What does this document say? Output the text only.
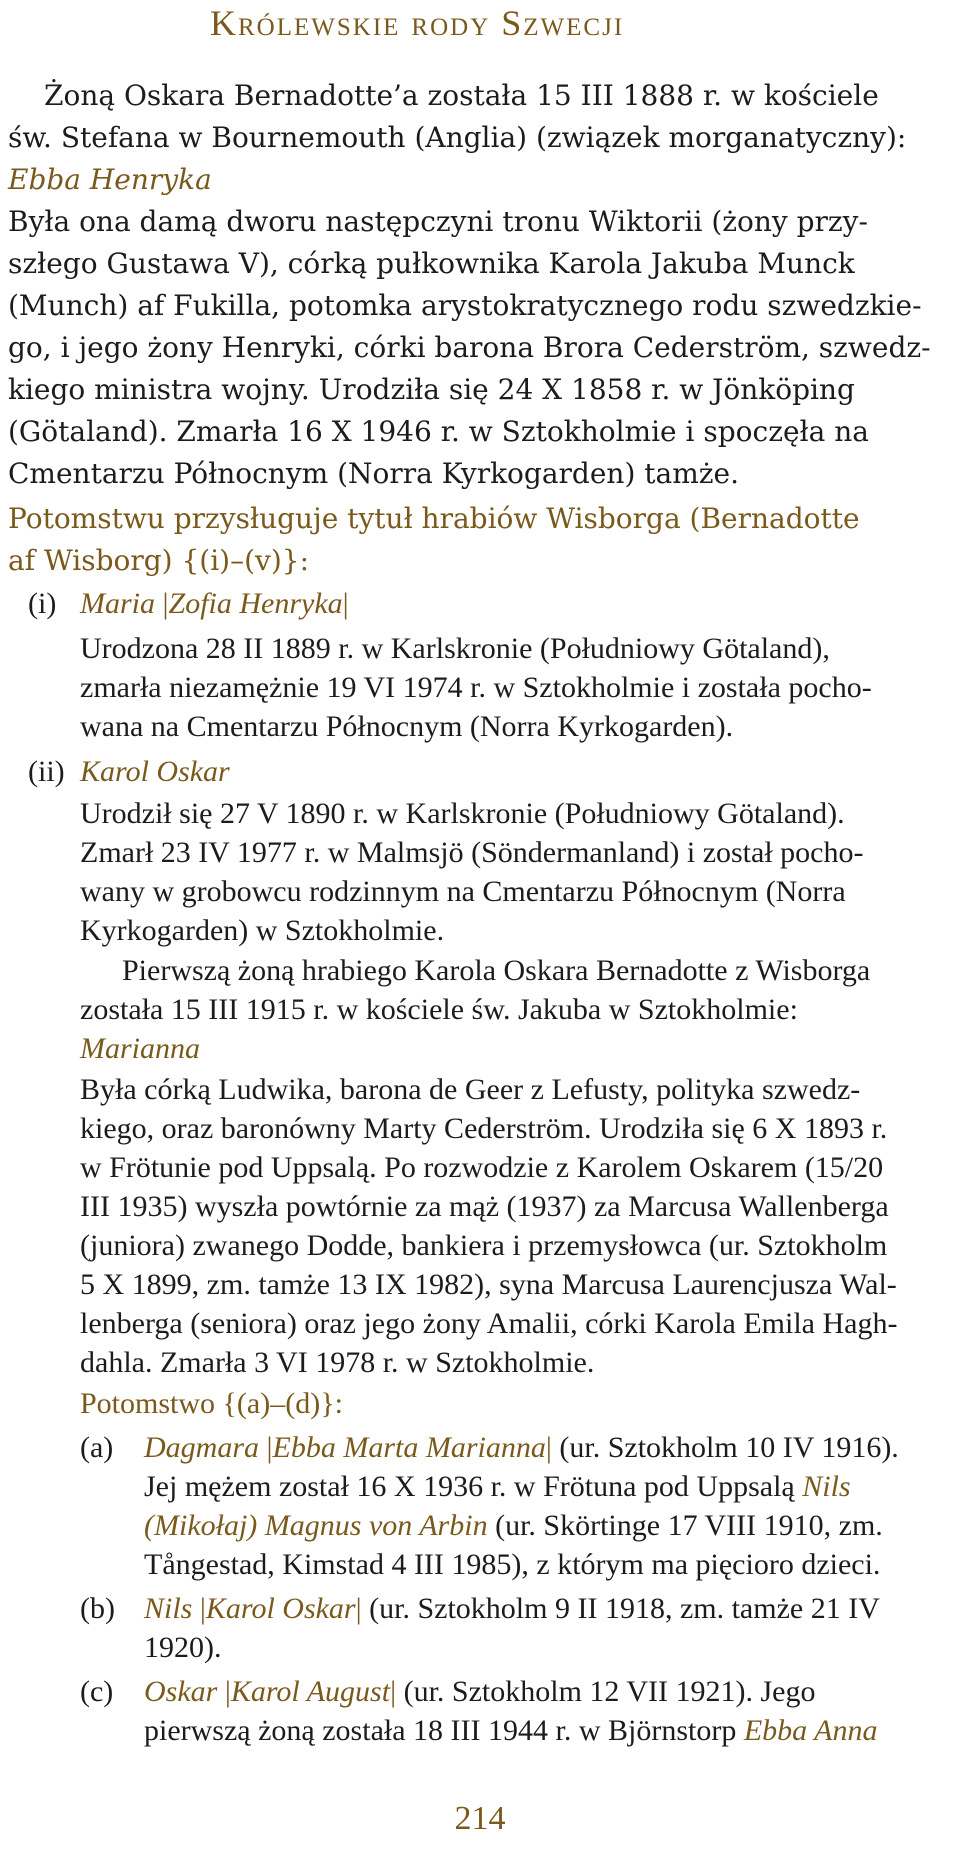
Królewskie rody Szwecji
Żoną Oskara Bernadotte’a została 15 III 1888 r. w kościele
św. Stefana w Bournemouth (Anglia) (związek morganatyczny):
Ebba Henryka
Była ona damą dworu następczyni tronu Wiktorii (żony przy-
szłego Gustawa V), córką pułkownika Karola Jakuba Munck
(Munch) af Fukilla, potomka arystokratycznego rodu szwedzkie-
go, i jego żony Henryki, córki barona Brora Cederström, szwedz-
kiego ministra wojny. Urodziła się 24 X 1858 r. w Jönköping
(Götaland). Zmarła 16 X 1946 r. w Sztokholmie i spoczęła na
Cmentarzu Północnym (Norra Kyrkogarden) tamże.
Potomstwu przysługuje tytuł hrabiów Wisborga (Bernadotte
af Wisborg) {(i)–(v)}:
(i) Maria |Zofia Henryka|
Urodzona 28 II 1889 r. w Karlskronie (Południowy Götaland),
zmarła niezamężnie 19 VI 1974 r. w Sztokholmie i została pocho-
wana na Cmentarzu Północnym (Norra Kyrkogarden).
(ii) Karol Oskar
Urodził się 27 V 1890 r. w Karlskronie (Południowy Götaland).
Zmarł 23 IV 1977 r. w Malmsjö (Söndermanland) i został pocho-
wany w grobowcu rodzinnym na Cmentarzu Północnym (Norra
Kyrkogarden) w Sztokholmie.
Pierwszą żoną hrabiego Karola Oskara Bernadotte z Wisborga
została 15 III 1915 r. w kościele św. Jakuba w Sztokholmie:
Marianna
Była córką Ludwika, barona de Geer z Lefusty, polityka szwedz-
kiego, oraz baronówny Marty Cederström. Urodziła się 6 X 1893 r.
w Frötunie pod Uppsalą. Po rozwodzie z Karolem Oskarem (15/20
III 1935) wyszła powtórnie za mąż (1937) za Marcusa Wallenberga
(juniora) zwanego Dodde, bankiera i przemysłowca (ur. Sztokholm
5 X 1899, zm. tamże 13 IX 1982), syna Marcusa Laurencjusza Wal-
lenberga (seniora) oraz jego żony Amalii, córki Karola Emila Hagh-
dahla. Zmarła 3 VI 1978 r. w Sztokholmie.
Potomstwo {(a)–(d)}:
(a) Dagmara |Ebba Marta Marianna| (ur. Sztokholm 10 IV 1916).
Jej mężem został 16 X 1936 r. w Frötuna pod Uppsalą Nils
(Mikołaj) Magnus von Arbin (ur. Skörtinge 17 VIII 1910, zm.
Tångestad, Kimstad 4 III 1985), z którym ma pięcioro dzieci.
(b) Nils |Karol Oskar| (ur. Sztokholm 9 II 1918, zm. tamże 21 IV
1920).
(c) Oskar |Karol August| (ur. Sztokholm 12 VII 1921). Jego
pierwszą żoną została 18 III 1944 r. w Björnstorp Ebba Anna
214
